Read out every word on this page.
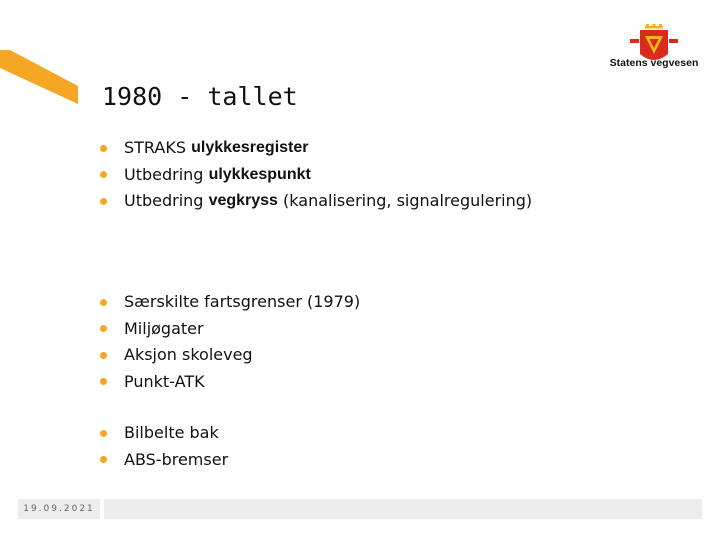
Statens vegvesen
1980 - tallet
STRAKS
ulykkesregister
Utbedring
ulykkespunkt
Utbedring
vegkryss
(kanalisering, signalregulering)
Særskilte fartsgrenser (1979)
Miljøgater
Aksjon skoleveg
Punkt-ATK
Bilbelte bak
ABS-bremser
19.09.2021
